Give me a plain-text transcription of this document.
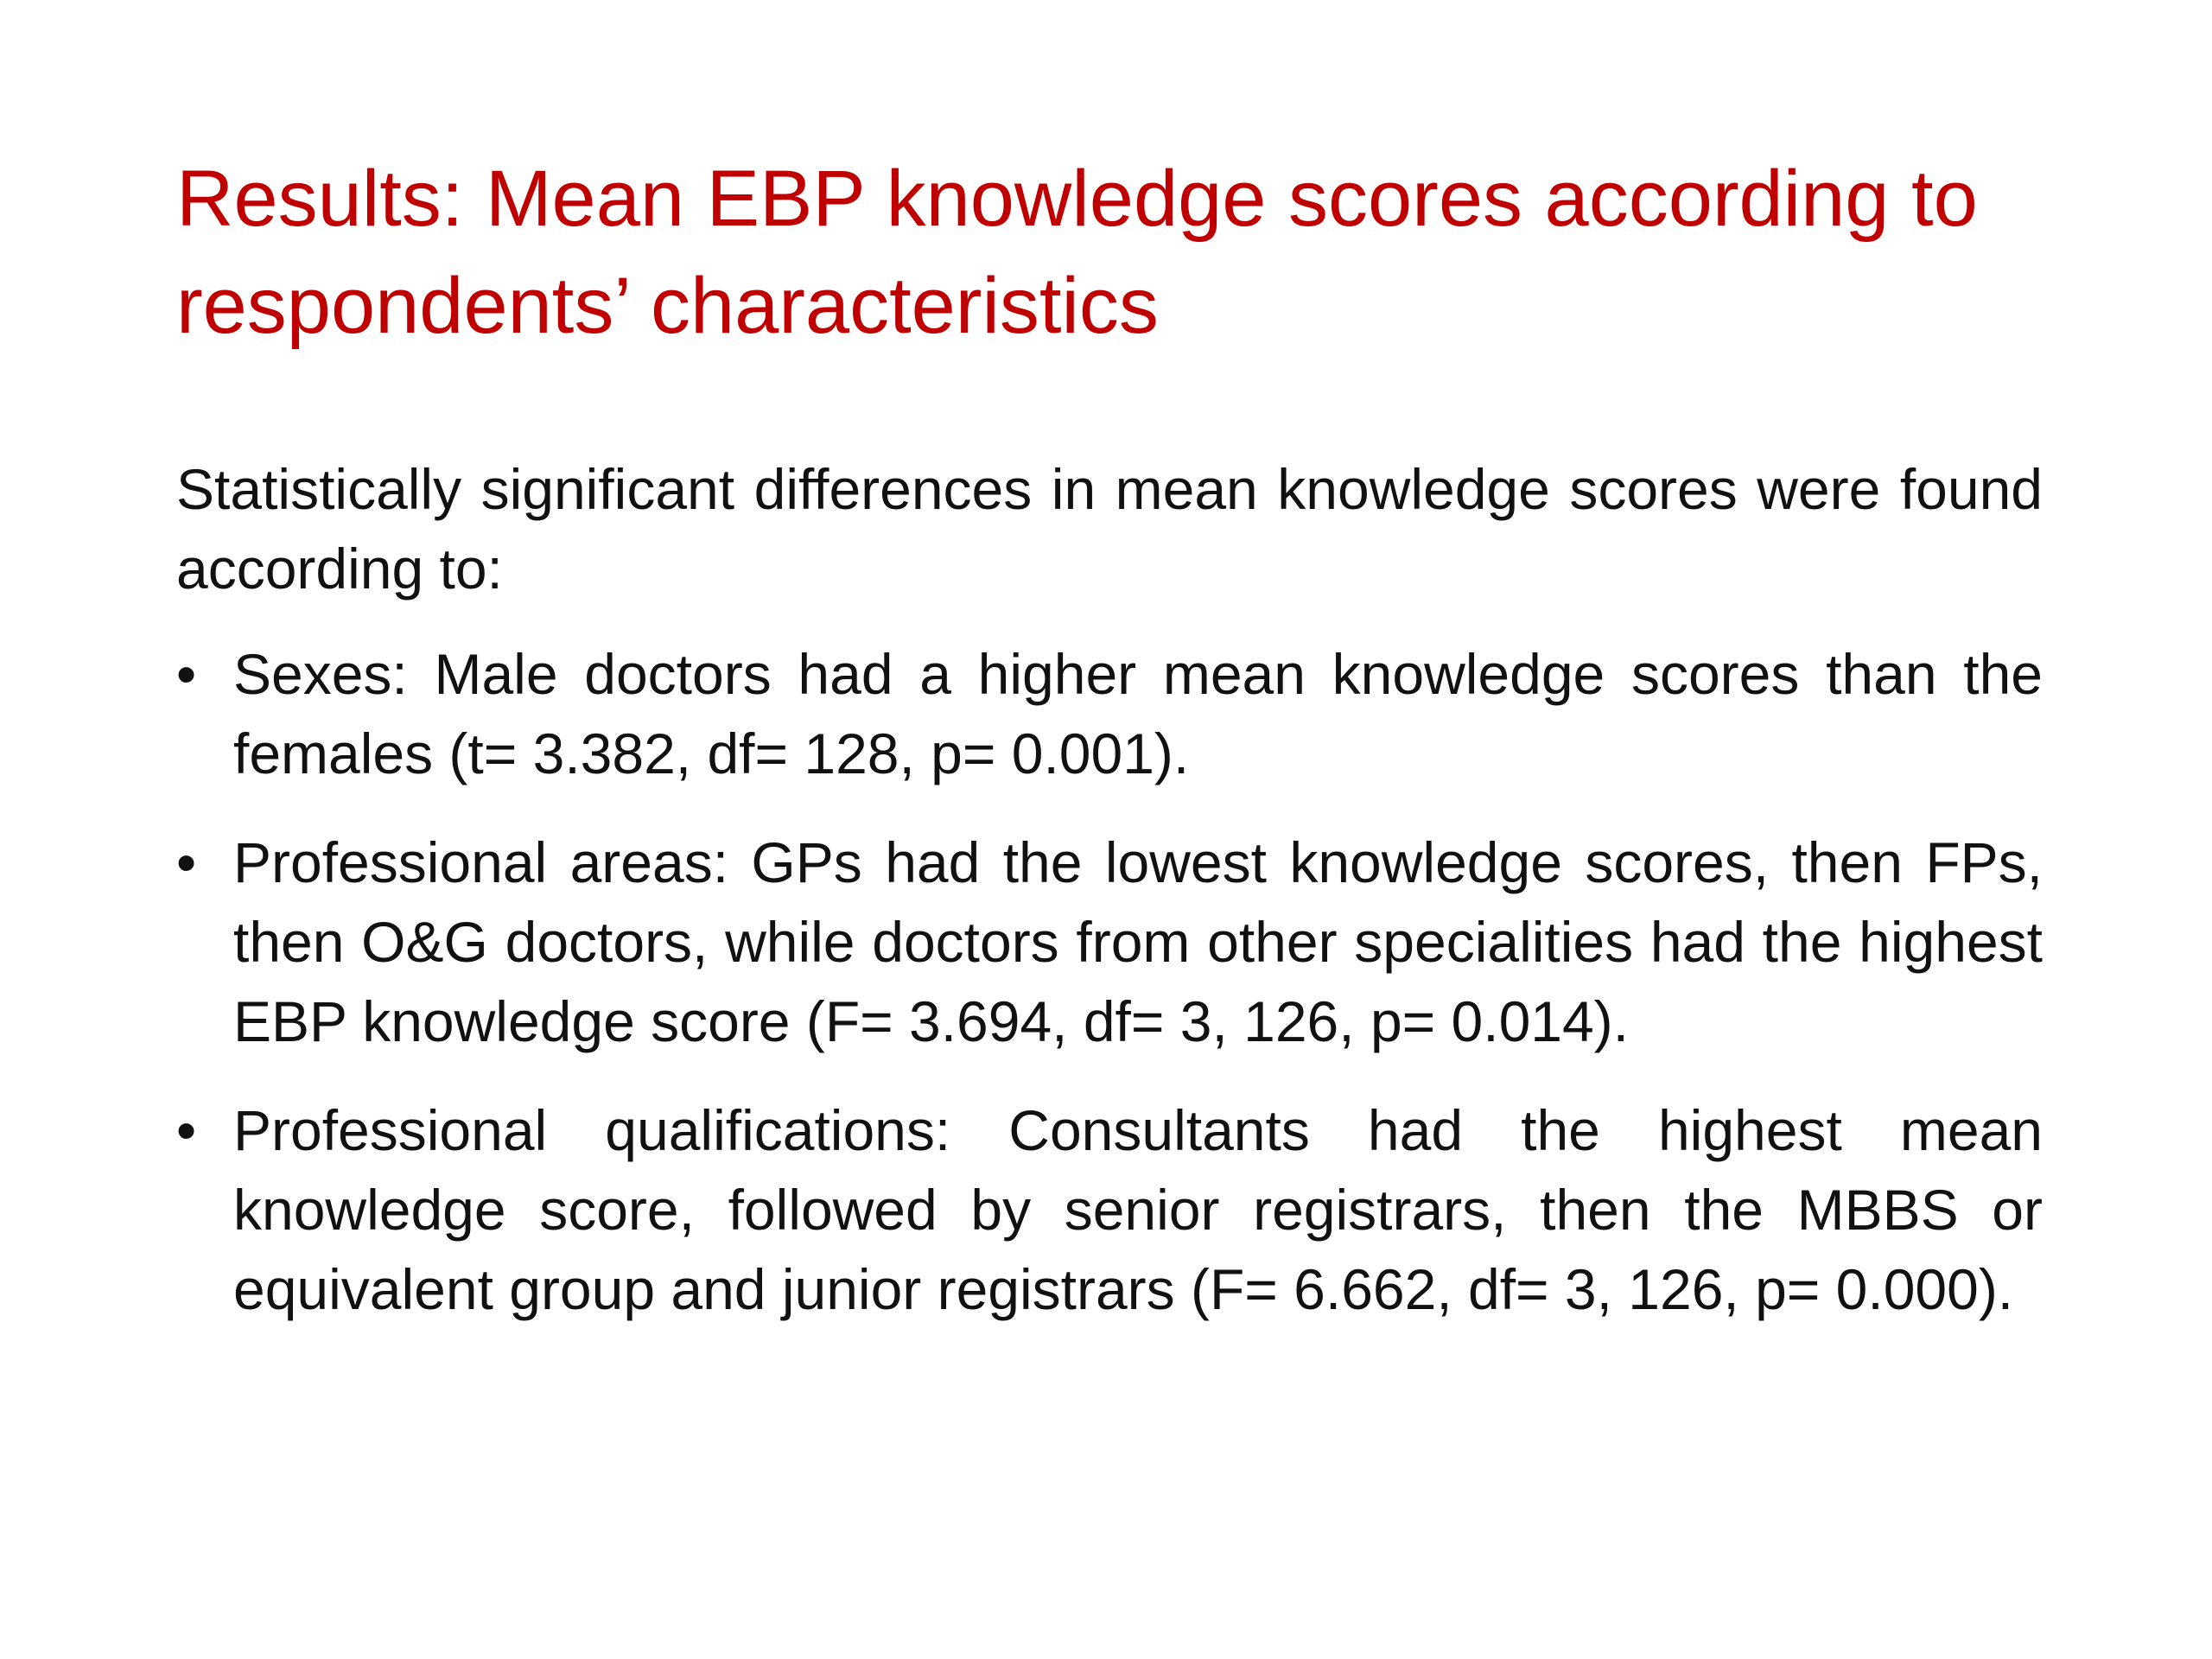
Results: Mean EBP knowledge scores according to respondents’ characteristics

Statistically significant differences in mean knowledge scores were found according to:

• Sexes: Male doctors had a higher mean knowledge scores than the females (t= 3.382, df= 128, p= 0.001).
• Professional areas: GPs had the lowest knowledge scores, then FPs, then O&G doctors, while doctors from other specialities had the highest EBP knowledge score (F= 3.694, df= 3, 126, p= 0.014).
• Professional qualifications: Consultants had the highest mean knowledge score, followed by senior registrars, then the MBBS or equivalent group and junior registrars (F= 6.662, df= 3, 126, p= 0.000).
